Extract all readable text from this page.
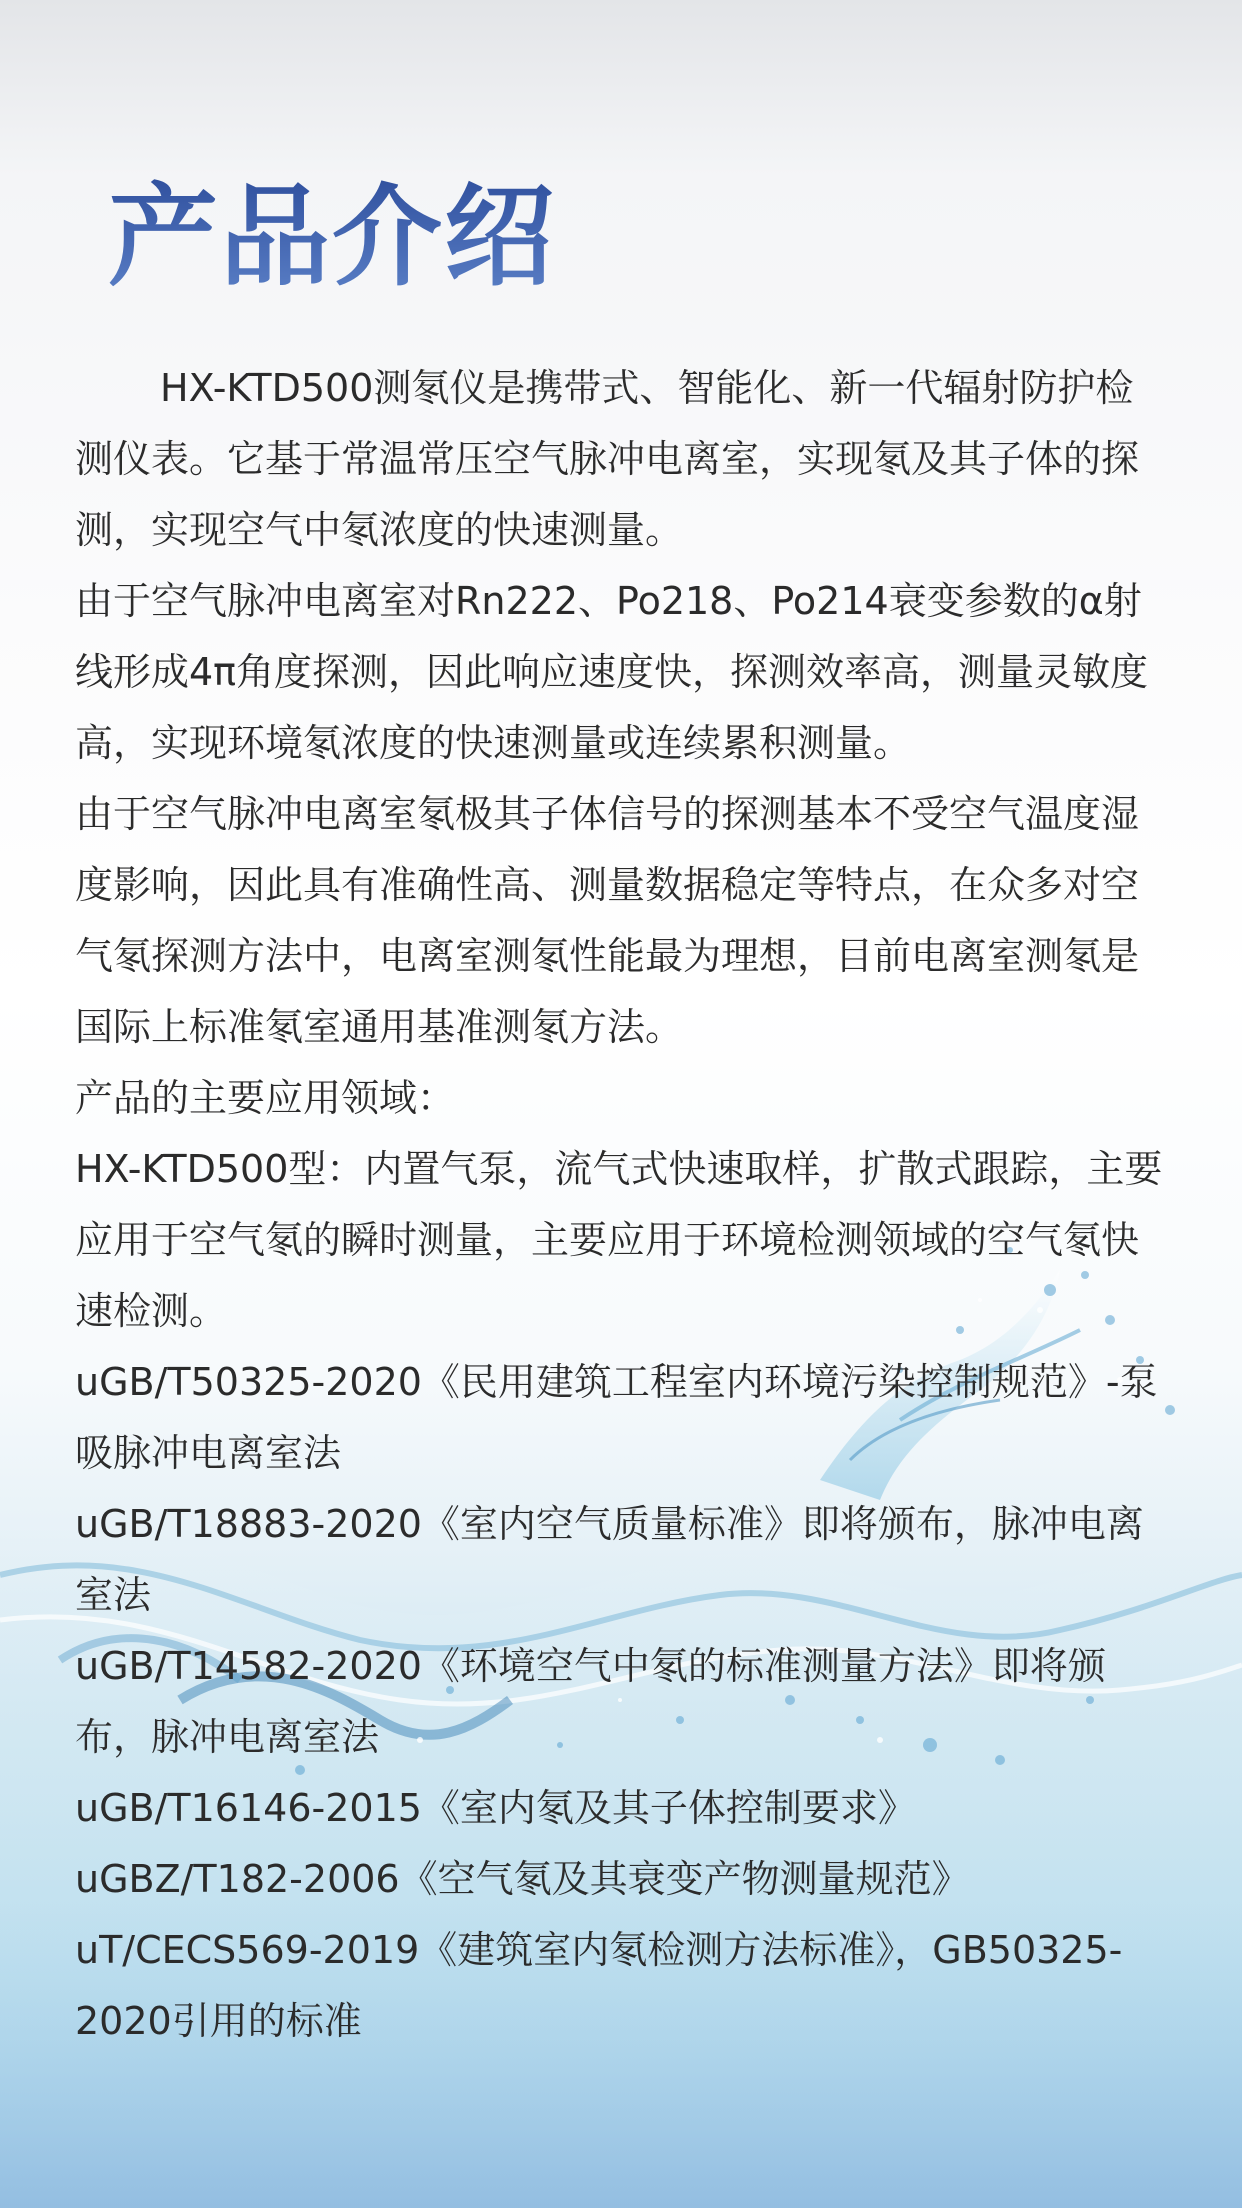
产品介绍

HX-KTD500测氡仪是携带式、智能化、新一代辐射防护检测仪表。它基于常温常压空气脉冲电离室，实现氡及其子体的探测，实现空气中氡浓度的快速测量。

由于空气脉冲电离室对Rn222、Po218、Po214衰变参数的α射线形成4π角度探测，因此响应速度快，探测效率高，测量灵敏度高，实现环境氡浓度的快速测量或连续累积测量。

由于空气脉冲电离室氡极其子体信号的探测基本不受空气温度湿度影响，因此具有准确性高、测量数据稳定等特点，在众多对空气氡探测方法中，电离室测氡性能最为理想，目前电离室测氡是国际上标准氡室通用基准测氡方法。

产品的主要应用领域：

HX-KTD500型：内置气泵，流气式快速取样，扩散式跟踪，主要应用于空气氡的瞬时测量，主要应用于环境检测领域的空气氡快速检测。

uGB/T50325-2020《民用建筑工程室内环境污染控制规范》-泵吸脉冲电离室法

uGB/T18883-2020《室内空气质量标准》即将颁布，脉冲电离室法

uGB/T14582-2020《环境空气中氡的标准测量方法》即将颁布，脉冲电离室法

uGB/T16146-2015《室内氡及其子体控制要求》

uGBZ/T182-2006《空气氡及其衰变产物测量规范》

uT/CECS569-2019《建筑室内氡检测方法标准》，GB50325-2020引用的标准
